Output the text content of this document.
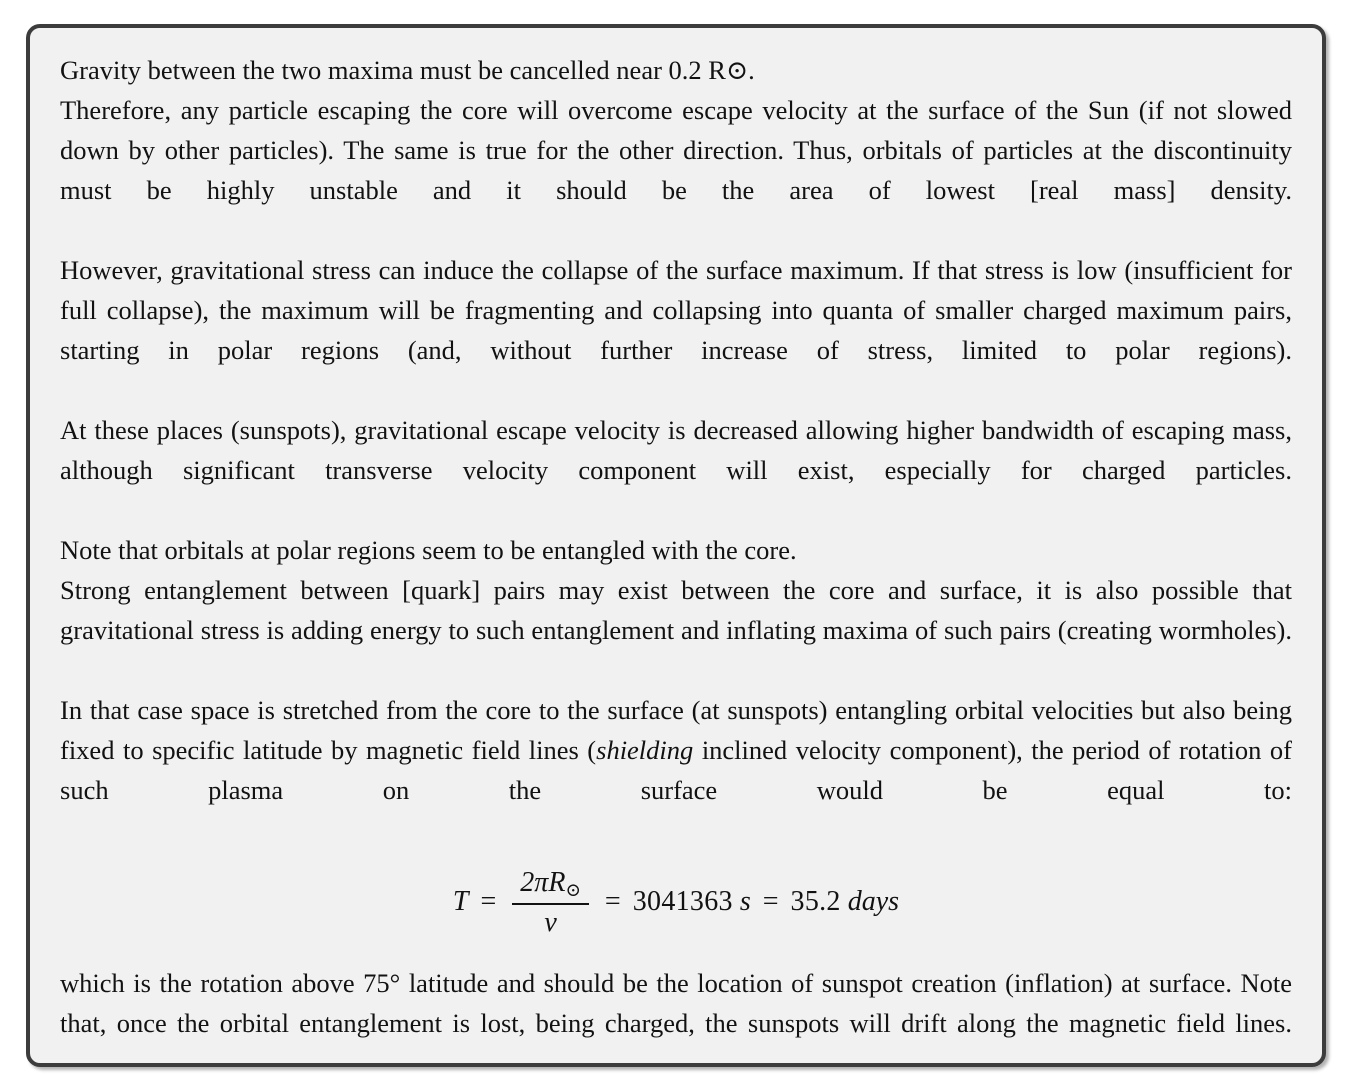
Gravity between the two maxima must be cancelled near 0.2 R⊙.

Therefore, any particle escaping the core will overcome escape velocity at the surface of the Sun (if not slowed down by other particles). The same is true for the other direction. Thus, orbitals of particles at the discontinuity must be highly unstable and it should be the area of lowest [real mass] density.

However, gravitational stress can induce the collapse of the surface maximum. If that stress is low (insufficient for full collapse), the maximum will be fragmenting and collapsing into quanta of smaller charged maximum pairs, starting in polar regions (and, without further increase of stress, limited to polar regions).

At these places (sunspots), gravitational escape velocity is decreased allowing higher bandwidth of escaping mass, although significant transverse velocity component will exist, especially for charged particles.

Note that orbitals at polar regions seem to be entangled with the core.

Strong entanglement between [quark] pairs may exist between the core and surface, it is also possible that gravitational stress is adding energy to such entanglement and inflating maxima of such pairs (creating wormholes).

In that case space is stretched from the core to the surface (at sunspots) entangling orbital velocities but also being fixed to specific latitude by magnetic field lines (shielding inclined velocity component), the period of rotation of such plasma on the surface would be equal to:

$T = \frac{2\pi R⊙}{v} = 3041363$ s = 35.2 days

which is the rotation above 75° latitude and should be the location of sunspot creation (inflation) at surface. Note that, once the orbital entanglement is lost, being charged, the sunspots will drift along the magnetic field lines.
